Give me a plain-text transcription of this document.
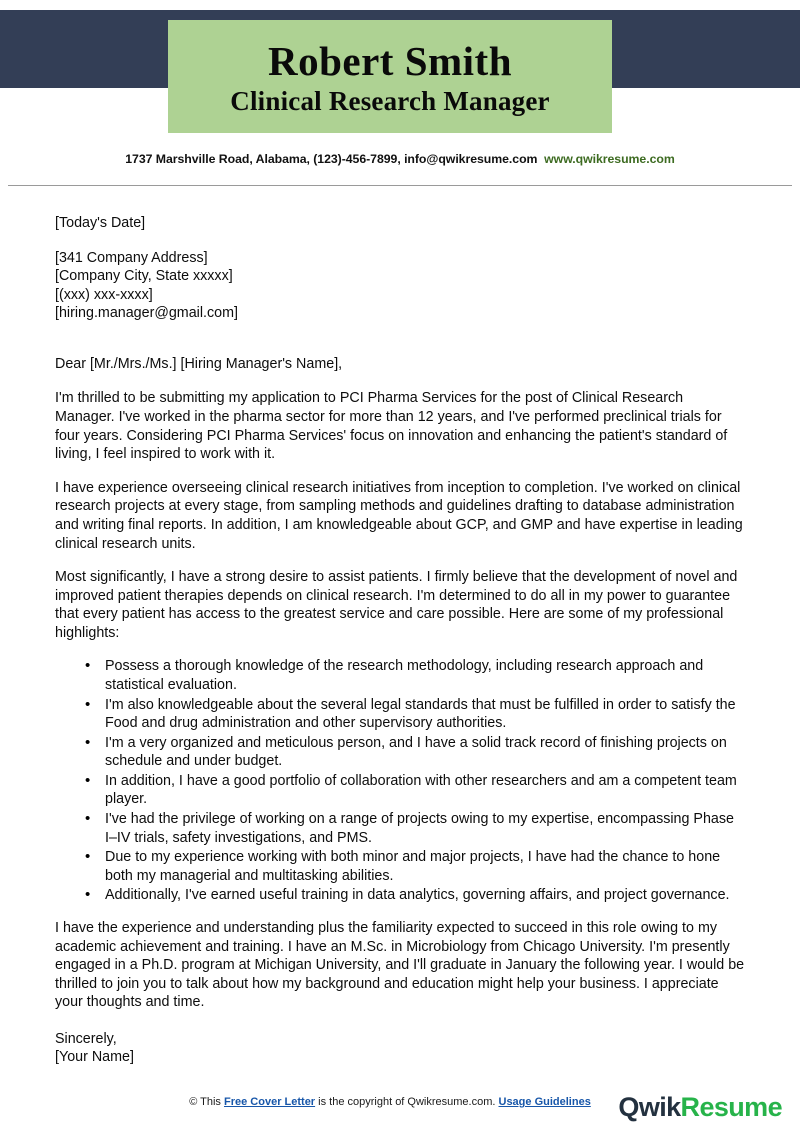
Robert Smith
Clinical Research Manager
1737 Marshville Road, Alabama, (123)-456-7899, info@qwikresume.com www.qwikresume.com
[Today's Date]
[341 Company Address]
[Company City, State xxxxx]
[(xxx) xxx-xxxx]
[hiring.manager@gmail.com]

Dear [Mr./Mrs./Ms.] [Hiring Manager's Name],

I'm thrilled to be submitting my application to PCI Pharma Services for the post of Clinical Research Manager. I've worked in the pharma sector for more than 12 years, and I've performed preclinical trials for four years. Considering PCI Pharma Services' focus on innovation and enhancing the patient's standard of living, I feel inspired to work with it.

I have experience overseeing clinical research initiatives from inception to completion. I've worked on clinical research projects at every stage, from sampling methods and guidelines drafting to database administration and writing final reports. In addition, I am knowledgeable about GCP, and GMP and have expertise in leading clinical research units.

Most significantly, I have a strong desire to assist patients. I firmly believe that the development of novel and improved patient therapies depends on clinical research. I'm determined to do all in my power to guarantee that every patient has access to the greatest service and care possible. Here are some of my professional highlights:

• Possess a thorough knowledge of the research methodology, including research approach and statistical evaluation.
• I'm also knowledgeable about the several legal standards that must be fulfilled in order to satisfy the Food and drug administration and other supervisory authorities.
• I'm a very organized and meticulous person, and I have a solid track record of finishing projects on schedule and under budget.
• In addition, I have a good portfolio of collaboration with other researchers and am a competent team player.
• I've had the privilege of working on a range of projects owing to my expertise, encompassing Phase I–IV trials, safety investigations, and PMS.
• Due to my experience working with both minor and major projects, I have had the chance to hone both my managerial and multitasking abilities.
• Additionally, I've earned useful training in data analytics, governing affairs, and project governance.

I have the experience and understanding plus the familiarity expected to succeed in this role owing to my academic achievement and training. I have an M.Sc. in Microbiology from Chicago University. I'm presently engaged in a Ph.D. program at Michigan University, and I'll graduate in January the following year. I would be thrilled to join you to talk about how my background and education might help your business. I appreciate your thoughts and time.

Sincerely,
[Your Name]
© This Free Cover Letter is the copyright of Qwikresume.com. Usage Guidelines	QwikResume
